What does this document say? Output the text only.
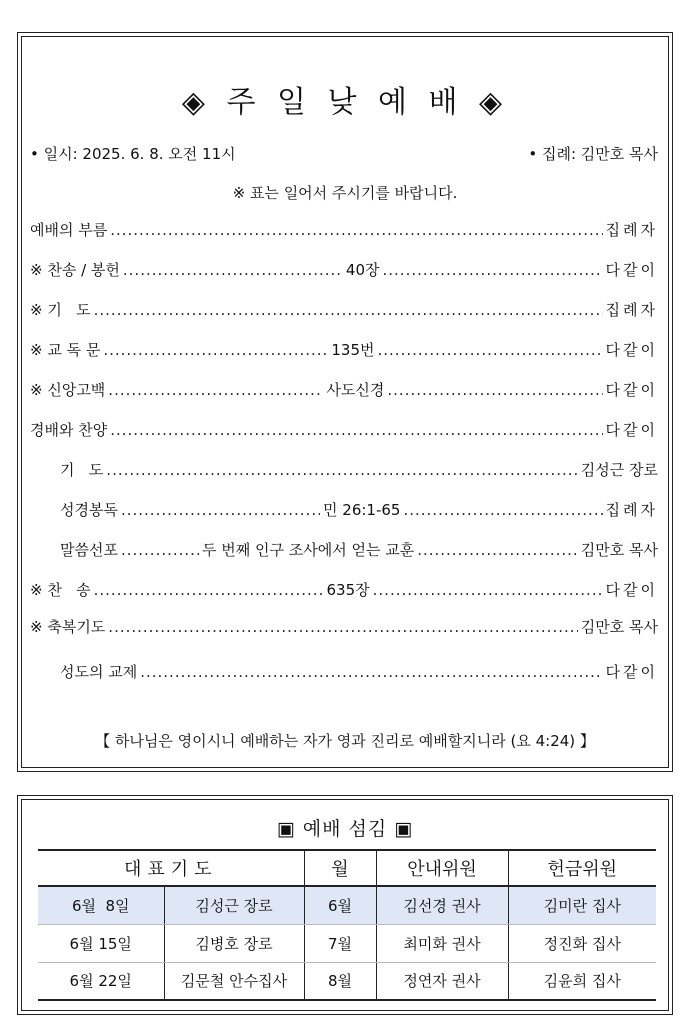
◈ 주 일 낮 예 배 ◈
• 일시: 2025. 6. 8. 오전 11시	• 집례: 김만호 목사
※ 표는 일어서 주시기를 바랍니다.
예배의 부름 .....	집례자
※ 찬송 / 봉헌 .....	40장 .....	다같이
※ 기   도 .....	집례자
※ 교 독 문 .....	135번 .....	다같이
※ 신앙고백 .....	사도신경 .....	다같이
경배와 찬양 .....	다같이
기   도 .....	김성근 장로
성경봉독 .....	민 26:1-65 .....	집례자
말씀선포 .....	두 번째 인구 조사에서 얻는 교훈 .....	김만호 목사
※ 찬   송 .....	635장 .....	다같이
※ 축복기도 .....	김만호 목사
성도의 교제 .....	다같이
【 하나님은 영이시니 예배하는 자가 영과 진리로 예배할지니라 (요 4:24) 】
▣ 예배 섬김 ▣
대표기도		월	안내위원	헌금위원
6월  8일	김성근 장로	6월	김선경 권사	김미란 집사
6월 15일	김병호 장로	7월	최미화 권사	정진화 집사
6월 22일	김문철 안수집사	8월	정연자 권사	김윤희 집사
